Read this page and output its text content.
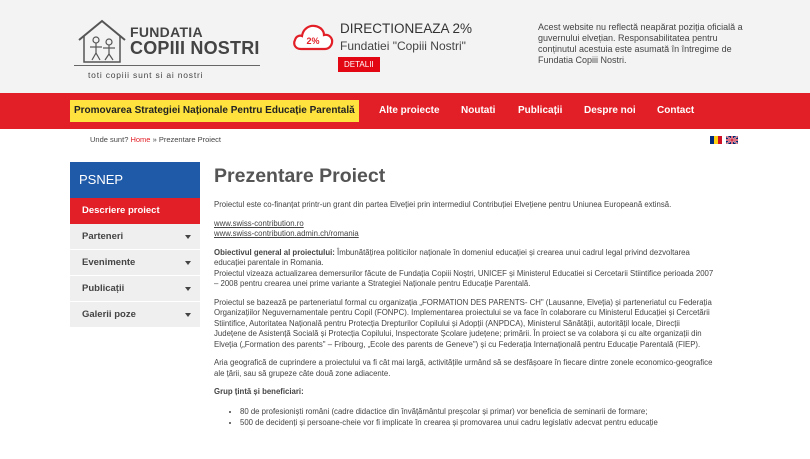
FUNDATIA
COPIII NOSTRI
toti copiii sunt si ai nostri
2%
DIRECTIONEAZA 2%
Fundatiei "Copiii Nostri"
DETALII
Acest website nu reflectă neapărat poziția oficială a guvernului elvețian. Responsabilitatea pentru conținutul acestuia este asumată în întregime de Fundatia Copiii Nostri.
Promovarea Strategiei Naționale Pentru Educație Parentală	Alte proiecte Noutati Publicații Despre noi Contact
Unde sunt? Home » Prezentare Proiect

PSNEP
Descriere proiect
Parteneri
Evenimente
Publicații
Galerii poze
Prezentare Proiect
Proiectul este co-finanțat printr-un grant din partea Elveției prin intermediul Contribuției Elvețiene pentru Uniunea Europeană extinsă.
www.swiss-contribution.ro
www.swiss-contribution.admin.ch/romania
Obiectivul general al proiectului: Îmbunătățirea politicilor naționale în domeniul educației și crearea unui cadrul legal privind dezvoltarea educației parentale in Romania.
Proiectul vizeaza actualizarea demersurilor făcute de Fundația Copiii Noștri, UNICEF și Ministerul Educatiei si Cercetarii Stiintifice perioada 2007 – 2008 pentru crearea unei prime variante a Strategiei Naționale pentru Educație Parentală.
Proiectul se bazează pe parteneriatul formal cu organizația „FORMATION DES PARENTS- CH" (Lausanne, Elveția) și parteneriatul cu Federația Organizațiilor Neguvernamentale pentru Copil (FONPC). Implementarea proiectului se va face în colaborare cu Ministerul Educației și Cercetării Stiintifice, Autoritatea Națională pentru Protecția Drepturilor Copilului și Adopții (ANPDCA), Ministerul Sănătății, autoritățil locale, Direcții Județene de Asistență Socială și Protecția Copilului, Inspectorate Școlare județene; primării. În proiect se va colabora și cu alte organizații din Elveția („Formation des parents" – Fribourg, „Ecole des parents de Geneve") și cu Federația Internațională pentru Educație Parentală (FIEP).
Aria geografică de cuprindere a proiectului va fi cât mai largă, activitățile urmând să se desfășoare în fiecare dintre zonele economico-geografice ale țării, sau să grupeze câte două zone adiacente.
Grup țintă și beneficiari:
• 80 de profesioniști români (cadre didactice din învățământul preșcolar și primar) vor beneficia de seminarii de formare;
• 500 de decidenți și persoane-cheie vor fi implicate în crearea și promovarea unui cadru legislativ adecvat pentru educație
